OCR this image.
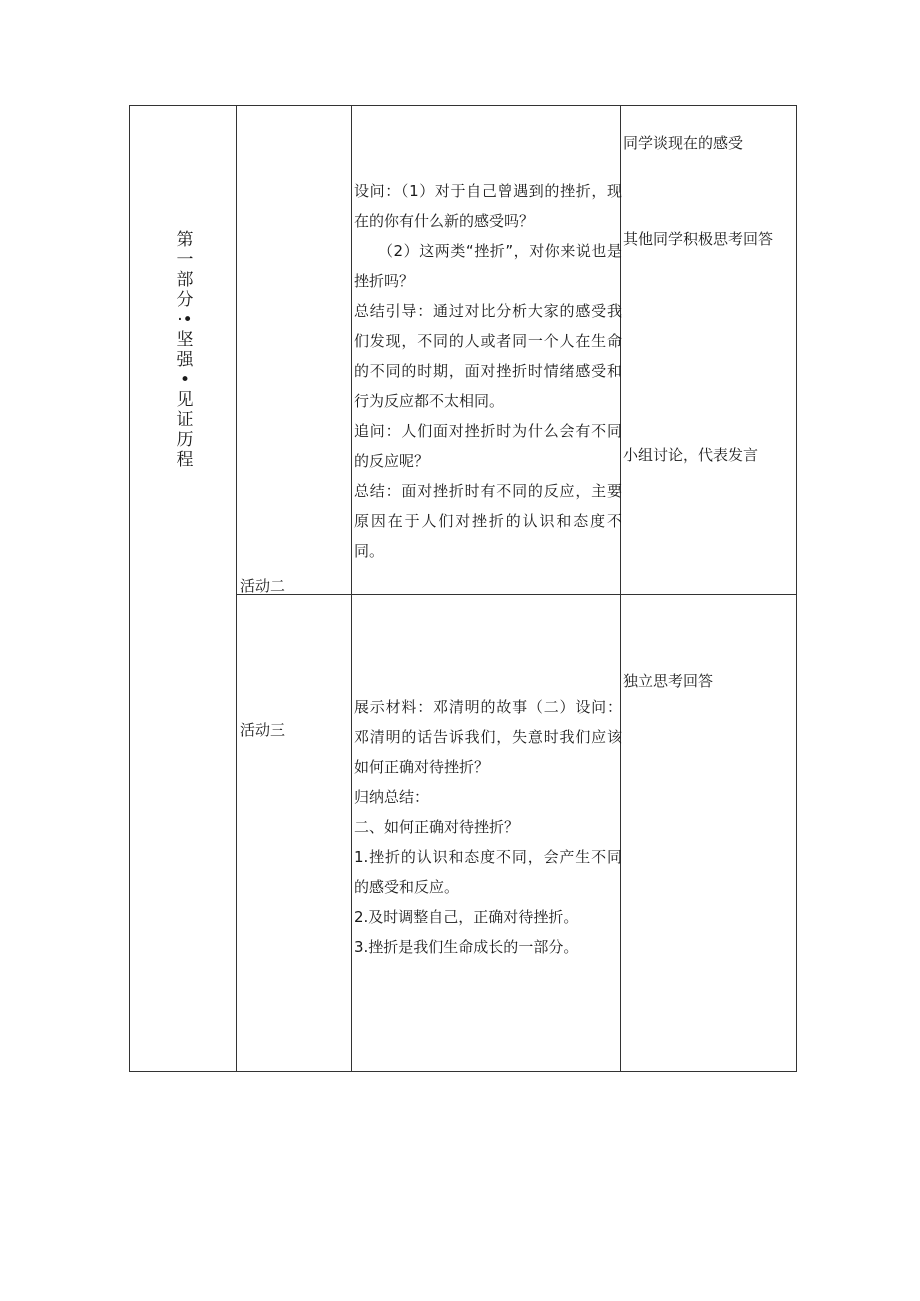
第一部分·•坚强•见证历程
活动二

设问：（1）对于自己曾遇到的挫折，现在的你有什么新的感受吗？

（2）这两类“挫折”，对你来说也是挫折吗？

总结引导：通过对比分析大家的感受我们发现，不同的人或者同一个人在生命的不同的时期，面对挫折时情绪感受和行为反应都不太相同。

追问：人们面对挫折时为什么会有不同的反应呢？

总结：面对挫折时有不同的反应，主要原因在于人们对挫折的认识和态度不同。

同学谈现在的感受
其他同学积极思考回答
小组讨论，代表发言
活动三

展示材料：邓清明的故事（二）设问：邓清明的话告诉我们，失意时我们应该如何正确对待挫折？

归纳总结：

二、如何正确对待挫折？

1.挫折的认识和态度不同，会产生不同的感受和反应。

2.及时调整自己，正确对待挫折。

3.挫折是我们生命成长的一部分。

独立思考回答
